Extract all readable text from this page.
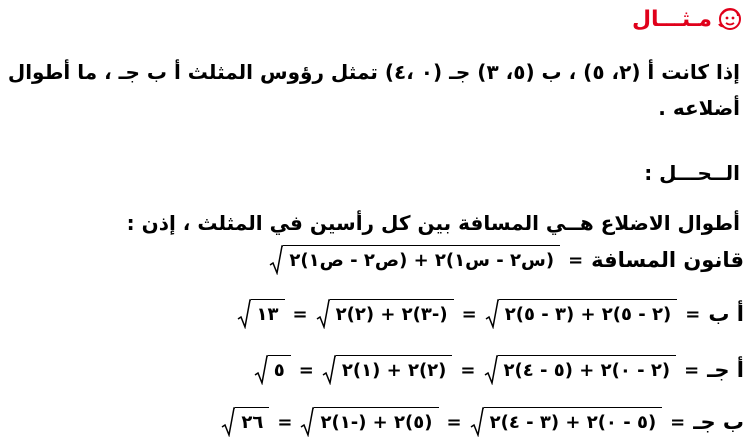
مـثـــال
إذا كانت أ (٢، ٥) ، ب (٥، ٣) جـ (٠ ،٤) تمثل رؤوس المثلث أ ب جـ ، ما أطوال
أضلاعه .
الــحـــل :
أطوال الاضلاع هــي المسافة بين كل رأسين في المثلث ، إذن :
قانون المسافة
=
(س٢ - س١)٢ + (ص٢ - ص١)٢
أ ب
=
(٢ - ٥)٢ + (٣ - ٥)٢
=
(-٣)٢ + (٢)٢
=
١٣
أ جـ
=
(٢ - ٠)٢ + (٥ - ٤)٢
=
(٢)٢ + (١)٢
=
٥
ب جـ
=
(٥ - ٠)٢ + (٣ - ٤)٢
=
(٥)٢ + (-١)٢
=
٢٦
